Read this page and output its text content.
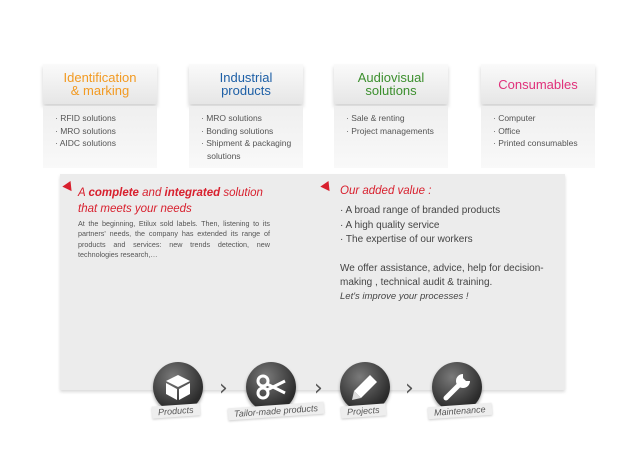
Identification
& marking
· RFID solutions
· MRO solutions
· AIDC solutions
Industrial
products
· MRO solutions
· Bonding solutions
· Shipment & packaging
solutions
Audiovisual
solutions
· Sale & renting
· Project managements
Consumables
· Computer
· Office
· Printed consumables
A complete and integrated solution
that meets your needs
At the beginning, Etilux sold labels. Then, listening to its partners' needs, the company has extended its range of products and services: new trends detection, new technologies research,…
Our added value :
· A broad range of branded products
· A high quality service
· The expertise of our workers
We offer assistance, advice, help for decision-making , technical audit & training.
Let's improve your processes !
›	›	›
Products	Tailor-made products	Projects	Maintenance
